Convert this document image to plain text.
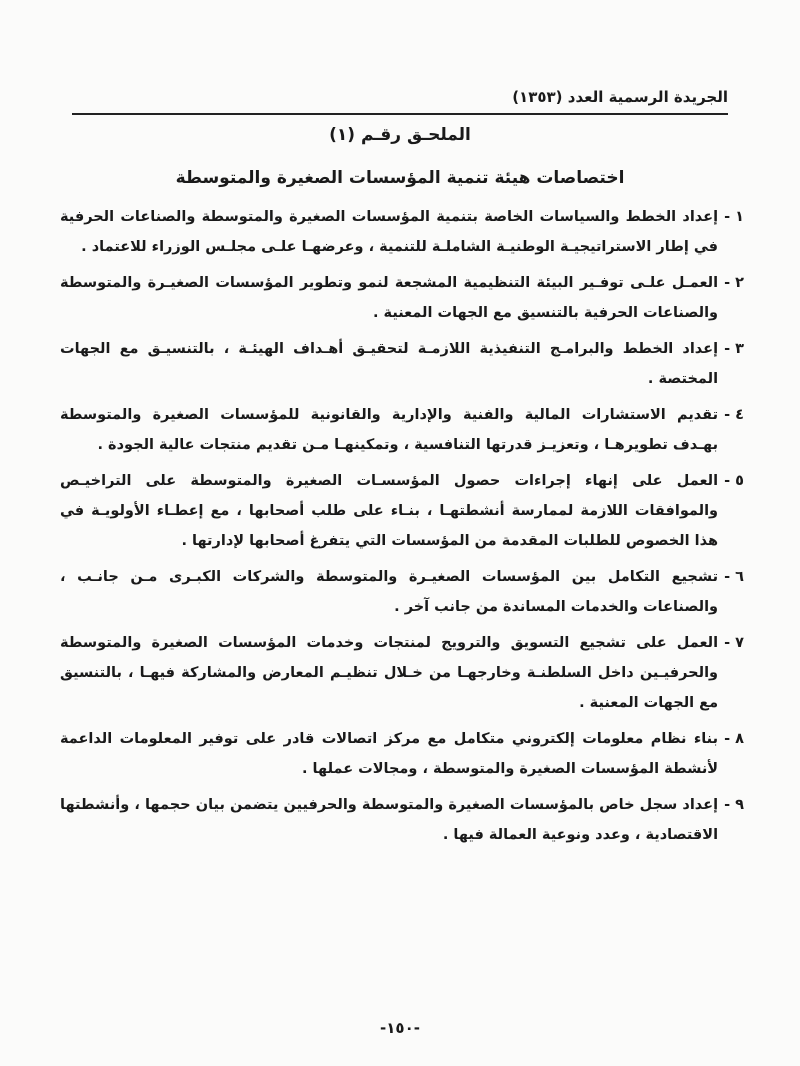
الجريدة الرسمية العدد (١٣٥٣)
الملحـق رقـم (١)
اختصاصات هيئة تنمية المؤسسات الصغيرة والمتوسطة
١ -
إعداد الخطط والسياسات الخاصة بتنمية المؤسسات الصغيرة والمتوسطة والصناعات الحرفية في إطار الاستراتيجيـة الوطنيـة الشاملـة للتنمية ، وعرضهـا علـى مجلـس الوزراء للاعتماد .
٢ -
العمـل علـى توفـير البيئة التنظيمية المشجعة لنمو وتطوير المؤسسات الصغيـرة والمتوسطة والصناعات الحرفية بالتنسيق مع الجهات المعنية .
٣ -
إعداد الخطط والبرامـج التنفيذية اللازمـة لتحقيـق أهـداف الهيئـة ، بالتنسيـق مع الجهات المختصة .
٤ -
تقديم الاستشارات المالية والفنية والإدارية والقانونية للمؤسسات الصغيرة والمتوسطة بهـدف تطويرهـا ، وتعزيـز قدرتها التنافسية ، وتمكينهـا مـن تقديم منتجات عالية الجودة .
٥ -
العمل على إنهاء إجراءات حصول المؤسسـات الصغيرة والمتوسطة على التراخيـص والموافقات اللازمة لممارسة أنشطتهـا ، بنـاء على طلب أصحابها ، مع إعطـاء الأولويـة في هذا الخصوص للطلبات المقدمة من المؤسسات التي يتفرغ أصحابها لإدارتها .
٦ -
تشجيع التكامل بين المؤسسات الصغيـرة والمتوسطة والشركات الكبـرى مـن جانـب ، والصناعات والخدمات المساندة من جانب آخر .
٧ -
العمل على تشجيع التسويق والترويج لمنتجات وخدمات المؤسسات الصغيرة والمتوسطة والحرفيـين داخل السلطنـة وخارجهـا من خـلال تنظيـم المعارض والمشاركة فيهـا ، بالتنسيق مع الجهات المعنية .
٨ -
بناء نظام معلومات إلكتروني متكامل مع مركز اتصالات قادر على توفير المعلومات الداعمة لأنشطة المؤسسات الصغيرة والمتوسطة ، ومجالات عملها .
٩ -
إعداد سجل خاص بالمؤسسات الصغيرة والمتوسطة والحرفيين يتضمن بيان حجمها ، وأنشطتها الاقتصادية ، وعدد ونوعية العمالة فيها .
-١٥٠-
